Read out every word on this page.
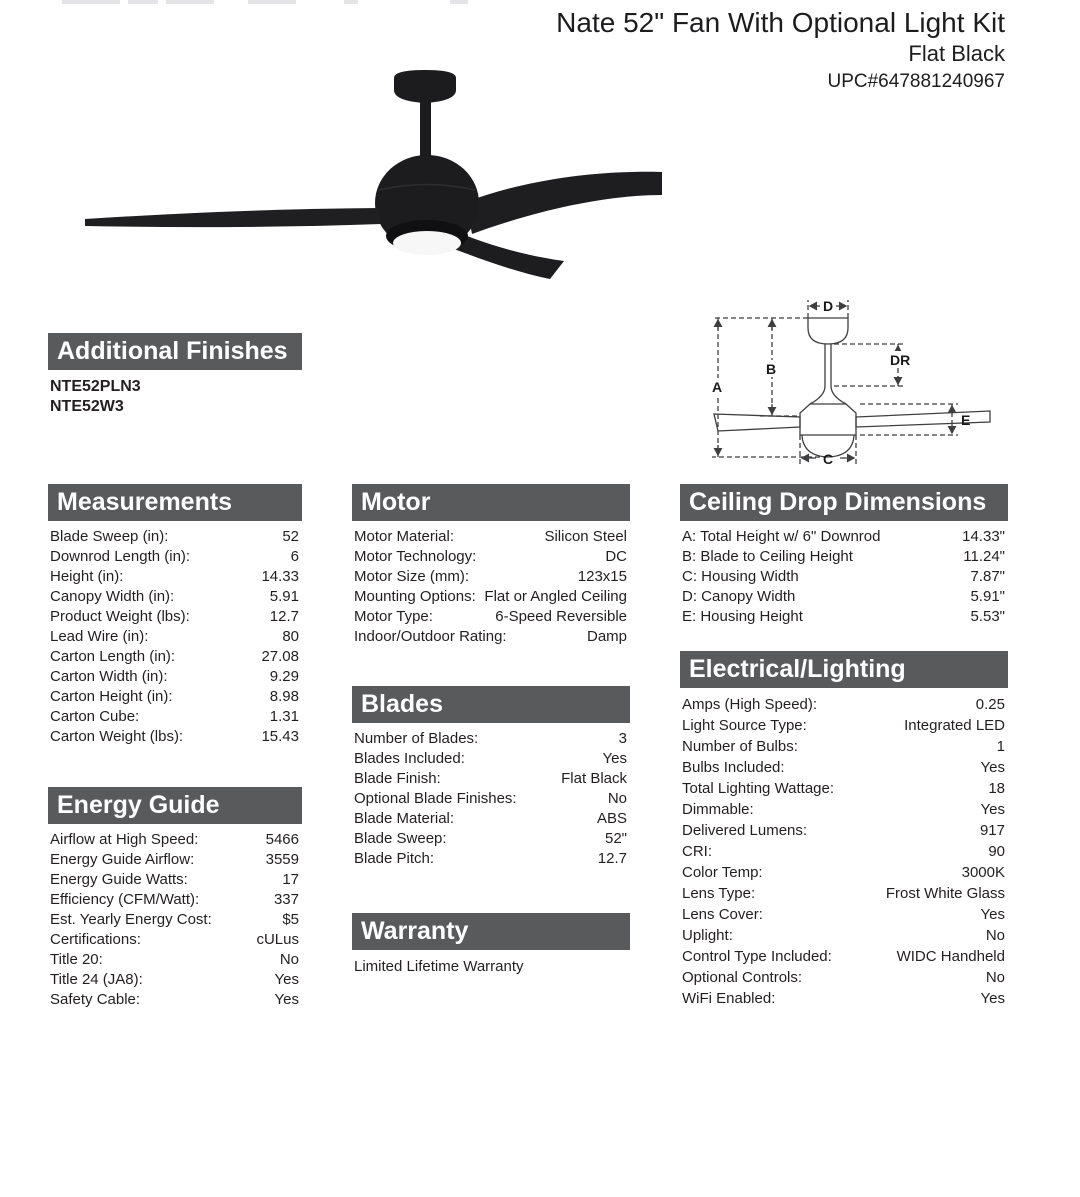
Nate 52" Fan With Optional Light Kit
Flat Black
UPC#647881240967
A
B
D
DR
E
C
Additional Finishes
NTE52PLN3
NTE52W3
Measurements
Blade Sweep (in):	52
Downrod Length (in):	6
Height (in):	14.33
Canopy Width (in):	5.91
Product Weight (lbs):	12.7
Lead Wire (in):	80
Carton Length (in):	27.08
Carton Width (in):	9.29
Carton Height (in):	8.98
Carton Cube:	1.31
Carton Weight (lbs):	15.43
Energy Guide
Airflow at High Speed:	5466
Energy Guide Airflow:	3559
Energy Guide Watts:	17
Efficiency (CFM/Watt):	337
Est. Yearly Energy Cost:	$5
Certifications:	cULus
Title 20:	No
Title 24 (JA8):	Yes
Safety Cable:	Yes
Motor
Motor Material:	Silicon Steel
Motor Technology:	DC
Motor Size (mm):	123x15
Mounting Options: Flat or Angled Ceiling
Motor Type:	6-Speed Reversible
Indoor/Outdoor Rating:	Damp
Blades
Number of Blades:	3
Blades Included:	Yes
Blade Finish:	Flat Black
Optional Blade Finishes:	No
Blade Material:	ABS
Blade Sweep:	52"
Blade Pitch:	12.7
Warranty
Limited Lifetime Warranty
Ceiling Drop Dimensions
A: Total Height w/ 6" Downrod	14.33"
B: Blade to Ceiling Height	11.24"
C: Housing Width	7.87"
D: Canopy Width	5.91"
E: Housing Height	5.53"
Electrical/Lighting
Amps (High Speed):	0.25
Light Source Type:	Integrated LED
Number of Bulbs:	1
Bulbs Included:	Yes
Total Lighting Wattage:	18
Dimmable:	Yes
Delivered Lumens:	917
CRI:	90
Color Temp:	3000K
Lens Type:	Frost White Glass
Lens Cover:	Yes
Uplight:	No
Control Type Included:	WIDC Handheld
Optional Controls:	No
WiFi Enabled:	Yes
